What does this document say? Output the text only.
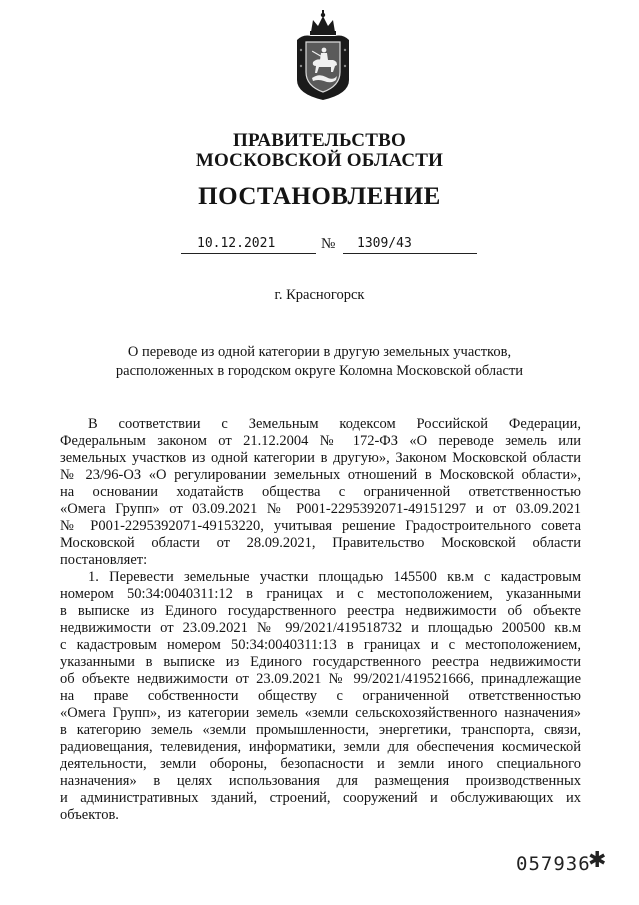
ПРАВИТЕЛЬСТВО
МОСКОВСКОЙ ОБЛАСТИ
ПОСТАНОВЛЕНИЕ
10.12.2021	№	1309/43
г. Красногорск
О переводе из одной категории в другую земельных участков,
расположенных в городском округе Коломна Московской области
В соответствии с Земельным кодексом Российской Федерации,
Федеральным законом от 21.12.2004 № 172-ФЗ «О переводе земель или
земельных участков из одной категории в другую», Законом Московской области
№ 23/96-ОЗ «О регулировании земельных отношений в Московской области»,
на основании ходатайств общества с ограниченной ответственностью
«Омега Групп» от 03.09.2021 № Р001-2295392071-49151297 и от 03.09.2021
№ Р001-2295392071-49153220, учитывая решение Градостроительного совета
Московской области от 28.09.2021, Правительство Московской области
постановляет:
1. Перевести земельные участки площадью 145500 кв.м с кадастровым
номером 50:34:0040311:12 в границах и с местоположением, указанными
в выписке из Единого государственного реестра недвижимости об объекте
недвижимости от 23.09.2021 № 99/2021/419518732 и площадью 200500 кв.м
с кадастровым номером 50:34:0040311:13 в границах и с местоположением,
указанными в выписке из Единого государственного реестра недвижимости
об объекте недвижимости от 23.09.2021 № 99/2021/419521666, принадлежащие
на праве собственности обществу с ограниченной ответственностью
«Омега Групп», из категории земель «земли сельскохозяйственного назначения»
в категорию земель «земли промышленности, энергетики, транспорта, связи,
радиовещания, телевидения, информатики, земли для обеспечения космической
деятельности, земли обороны, безопасности и земли иного специального
назначения» в целях использования для размещения производственных
и административных зданий, строений, сооружений и обслуживающих их
объектов.
057936
✱
